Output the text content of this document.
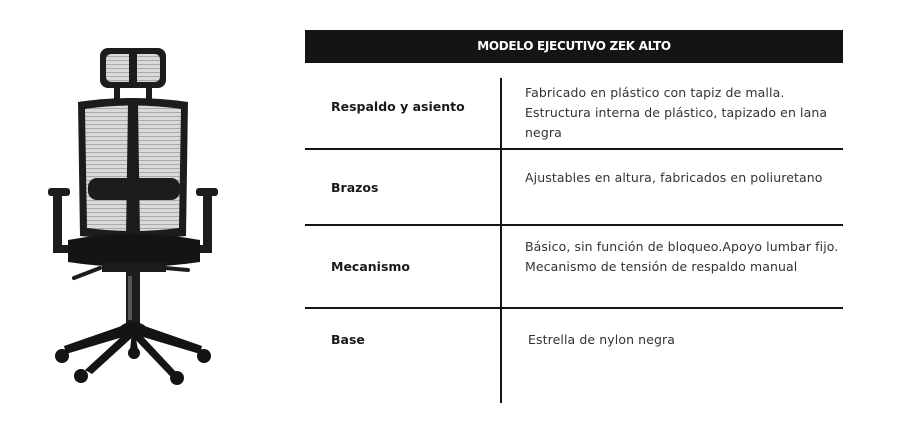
MODELO EJECUTIVO ZEK ALTO
Respaldo y asiento
Fabricado en plástico con tapiz de malla. Estructura interna de plástico, tapizado en lana negra
Brazos
Ajustables en altura, fabricados en poliuretano
Mecanismo
Básico, sin función de bloqueo.Apoyo lumbar fijo. Mecanismo de tensión de respaldo manual
Base	Estrella de nylon negra
